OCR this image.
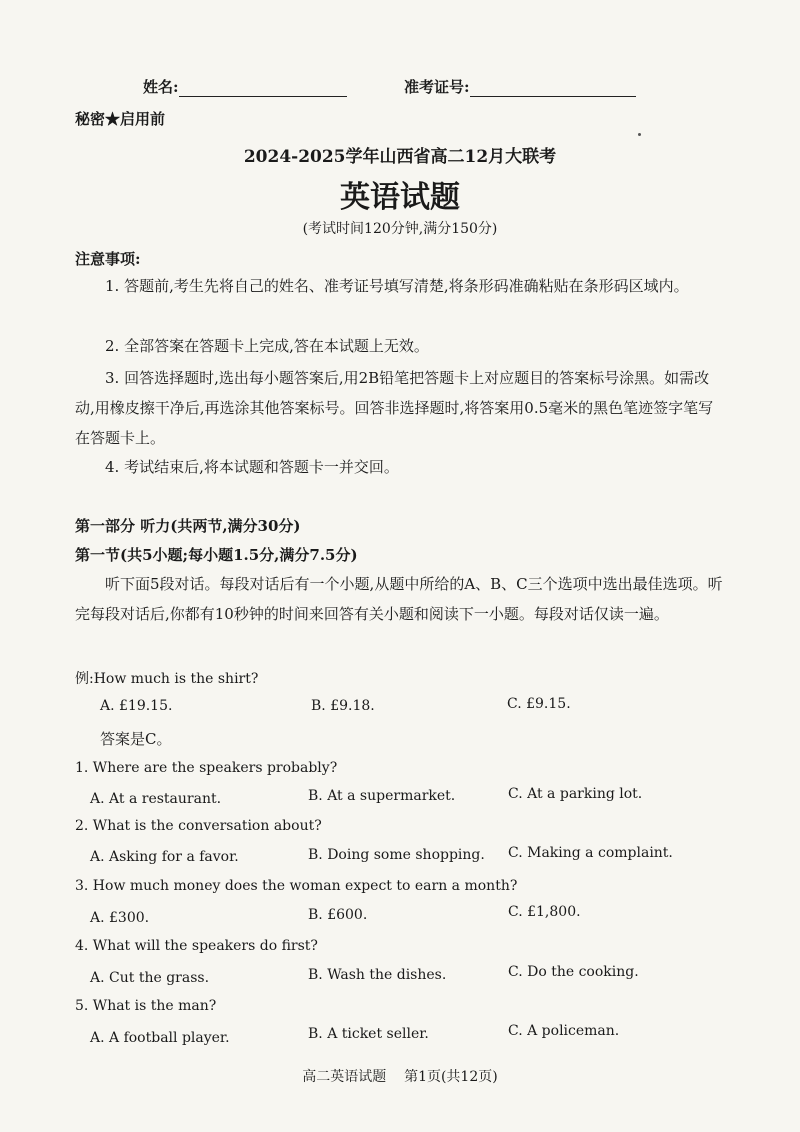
姓名:	准考证号:
秘密★启用前
2024-2025学年山西省高二12月大联考
英语试题
(考试时间120分钟,满分150分)
注意事项:
1. 答题前,考生先将自己的姓名、准考证号填写清楚,将条形码准确粘贴在条形码区域内。
2. 全部答案在答题卡上完成,答在本试题上无效。
3. 回答选择题时,选出每小题答案后,用2B铅笔把答题卡上对应题目的答案标号涂黑。如需改动,用橡皮擦干净后,再选涂其他答案标号。回答非选择题时,将答案用0.5毫米的黑色笔迹签字笔写在答题卡上。
4. 考试结束后,将本试题和答题卡一并交回。
第一部分 听力(共两节,满分30分)
第一节(共5小题;每小题1.5分,满分7.5分)
听下面5段对话。每段对话后有一个小题,从题中所给的A、B、C三个选项中选出最佳选项。听完每段对话后,你都有10秒钟的时间来回答有关小题和阅读下一小题。每段对话仅读一遍。
例:How much is the shirt?
A. £19.15.	B. £9.18.	C. £9.15.
答案是C。
1. Where are the speakers probably?
A. At a restaurant.	B. At a supermarket.	C. At a parking lot.
2. What is the conversation about?
A. Asking for a favor.	B. Doing some shopping. C. Making a complaint.
3. How much money does the woman expect to earn a month?
A. £300.	B. £600.	C. £1,800.
4. What will the speakers do first?
A. Cut the grass.	B. Wash the dishes.	C. Do the cooking.
5. What is the man?
A. A football player.	B. A ticket seller.	C. A policeman.
高二英语试题    第1页(共12页)
